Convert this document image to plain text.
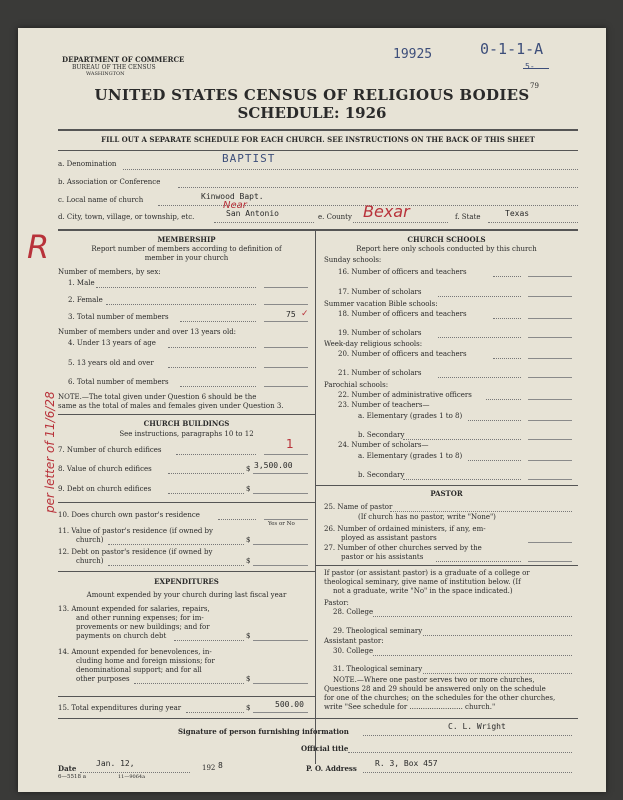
DEPARTMENT OF COMMERCE
BUREAU OF THE CENSUS
WASHINGTON
19925	0-1-1-A
5-
79
UNITED STATES CENSUS OF RELIGIOUS BODIES
SCHEDULE: 1926
FILL OUT A SEPARATE SCHEDULE FOR EACH CHURCH. SEE INSTRUCTIONS ON THE BACK OF THIS SHEET
a. Denomination	BAPTIST
b. Association or Conference
c. Local name of church	Kinwood Bapt.
d. City, town, village, or township, etc.
Near
San Antonio	e. County Bexar	f. State	Texas
R
per letter of 11/6/28
MEMBERSHIP
Report number of members according to definition of
member in your church
Number of members, by sex:
1. Male
2. Female
3. Total number of members	75 ✓
Number of members under and over 13 years old:
4. Under 13 years of age
5. 13 years old and over
6. Total number of members
NOTE.—The total given under Question 6 should be the
same as the total of males and females given under Question 3.
CHURCH BUILDINGS
See instructions, paragraphs 10 to 12
7. Number of church edifices	1
8. Value of church edifices	$ 3,500.00
9. Debt on church edifices	$
10. Does church own pastor's residence
Yes or No
11. Value of pastor's residence (if owned by
church)	$
12. Debt on pastor's residence (if owned by
church)	$
EXPENDITURES
Amount expended by your church during last fiscal year
13. Amount expended for salaries, repairs,
and other running expenses; for im-
provements or new buildings; and for
payments on church debt	$
14. Amount expended for benevolences, in-
cluding home and foreign missions; for
denominational support; and for all
other purposes	$
15. Total expenditures during year	$	500.00
CHURCH SCHOOLS
Report here only schools conducted by this church
Sunday schools:
16. Number of officers and teachers
17. Number of scholars
Summer vacation Bible schools:
18. Number of officers and teachers
19. Number of scholars
Week-day religious schools:
20. Number of officers and teachers
21. Number of scholars
Parochial schools:
22. Number of administrative officers
23. Number of teachers—
a. Elementary (grades 1 to 8)
b. Secondary
24. Number of scholars—
a. Elementary (grades 1 to 8)
b. Secondary
PASTOR
25. Name of pastor
(If church has no pastor, write "None")
26. Number of ordained ministers, if any, em-
ployed as assistant pastors
27. Number of other churches served by the
pastor or his assistants
If pastor (or assistant pastor) is a graduate of a college or
theological seminary, give name of institution below. (If
not a graduate, write "No" in the space indicated.)
Pastor:
28. College
29. Theological seminary
Assistant pastor:
30. College
31. Theological seminary
NOTE.—Where one pastor serves two or more churches,
Questions 28 and 29 should be answered only on the schedule
for one of the churches; on the schedules for the other churches,
write "See schedule for ........................ church."
Signature of person furnishing information
C. L. Wright
Official title
Date
Jan. 12,	192 8	P. O. Address
R. 3, Box 457
6—5518 a	11—9064a
